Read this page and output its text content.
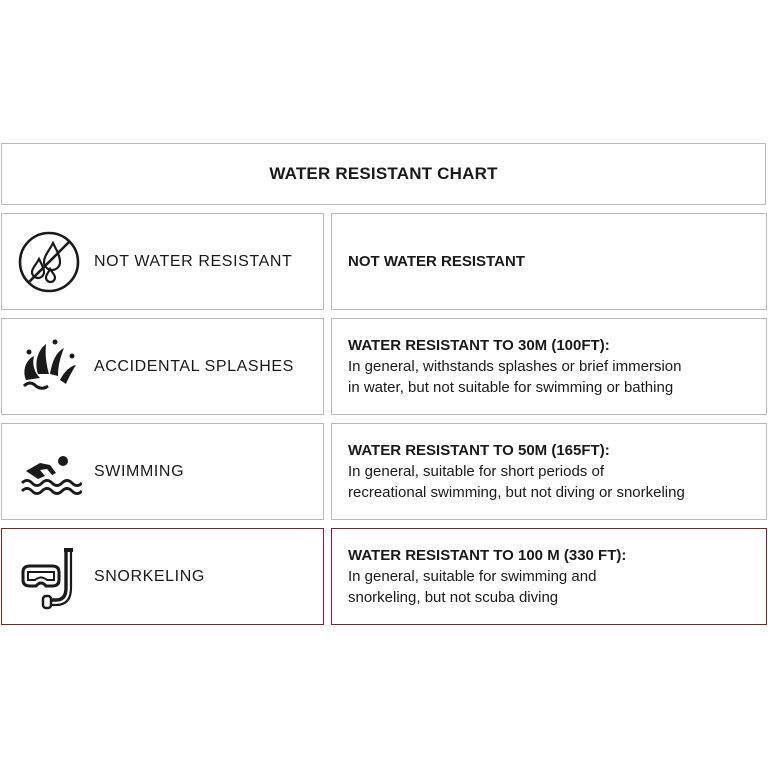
WATER RESISTANT CHART
NOT WATER RESISTANT	NOT WATER RESISTANT
ACCIDENTAL SPLASHES
WATER RESISTANT TO 30M (100FT):
In general, withstands splashes or brief immersion
in water, but not suitable for swimming or bathing
SWIMMING
WATER RESISTANT TO 50M (165FT):
In general, suitable for short periods of
recreational swimming, but not diving or snorkeling
SNORKELING
WATER RESISTANT TO 100 M (330 FT):
In general, suitable for swimming and
snorkeling, but not scuba diving
